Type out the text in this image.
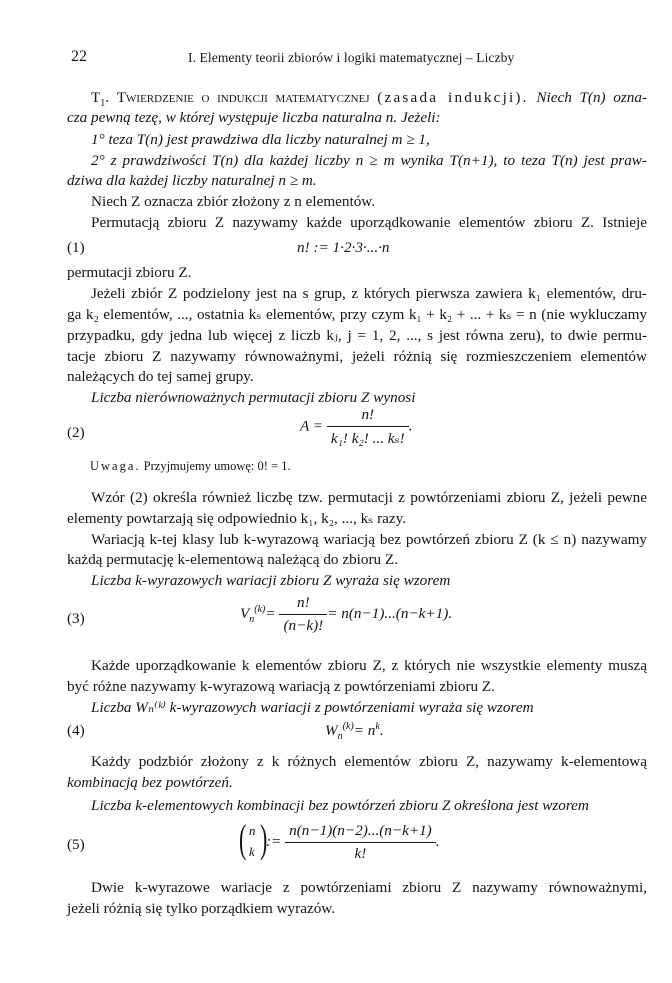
22	I. Elementy teorii zbiorów i logiki matematycznej – Liczby
$T_1$. Twierdzenie o indukcji matematycznej (zasada indukcji). Niech T(n) ozna-
cza pewną tezę, w której występuje liczba naturalna n. Jeżeli:
1° teza T(n) jest prawdziwa dla liczby naturalnej m ≥ 1,
2° z prawdziwości T(n) dla każdej liczby n ≥ m wynika T(n+1), to teza T(n) jest praw-
dziwa dla każdej liczby naturalnej n ≥ m.
Niech Z oznacza zbiór złożony z n elementów.
Permutacją zbioru Z nazywamy każde uporządkowanie elementów zbioru Z. Istnieje
(1)	n! := 1·2·3·...·n
permutacji zbioru Z.
Jeżeli zbiór Z podzielony jest na s grup, z których pierwsza zawiera k₁ elementów, dru-
ga k₂ elementów, ..., ostatnia kₛ elementów, przy czym k₁ + k₂ + ... + kₛ = n (nie wykluczamy
przypadku, gdy jedna lub więcej z liczb kⱼ, j = 1, 2, ..., s jest równa zeru), to dwie permu-
tacje zbioru Z nazywamy równoważnymi, jeżeli różnią się rozmieszczeniem elementów
należących do tej samej grupy.
Liczba nierównoważnych permutacji zbioru Z wynosi
(2)	$A = \frac{n!}{\text{k₁! k₂! ... kₛ!}}$ .
Uwaga. Przyjmujemy umowę: 0! = 1.
Wzór (2) określa również liczbę tzw. permutacji z powtórzeniami zbioru Z, jeżeli pewne
elementy powtarzają się odpowiednio k₁, k₂, ..., kₛ razy.
Wariacją k-tej klasy lub k-wyrazową wariacją bez powtórzeń zbioru Z (k ≤ n) nazywamy
każdą permutację k-elementową należącą do zbioru Z.
Liczba k-wyrazowych wariacji zbioru Z wyraża się wzorem
(3)	$V_n^{(k)}= \frac{n!}{(n-k)!} = n(n-1)...(n-k+1)$.
Każde uporządkowanie k elementów zbioru Z, z których nie wszystkie elementy muszą
być różne nazywamy k-wyrazową wariacją z powtórzeniami zbioru Z.
Liczba Wₙ⁽ᵏ⁾ k-wyrazowych wariacji z powtórzeniami wyraża się wzorem
(4)	$W_n^{(k)}= n^k$.
Każdy podzbiór złożony z k różnych elementów zbioru Z, nazywamy k-elementową
kombinacją bez powtórzeń.
Liczba k-elementowych kombinacji bez powtórzeń zbioru Z określona jest wzorem
(5)	( n
k )
:= $\frac{n(n-1)(n-2)...(n-k+1)}{k!}$ .
Dwie k-wyrazowe wariacje z powtórzeniami zbioru Z nazywamy równoważnymi,
jeżeli różnią się tylko porządkiem wyrazów.
